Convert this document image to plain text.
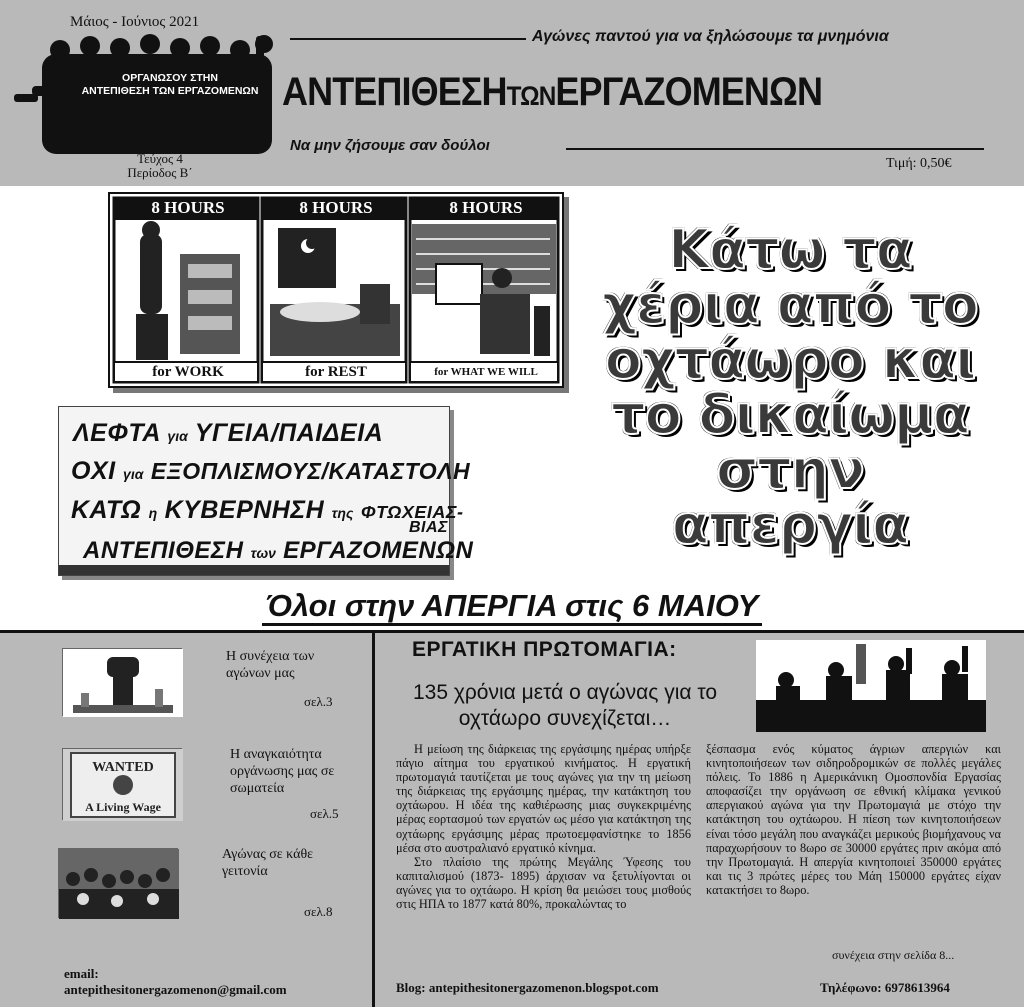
Μάιος - Ιούνιος 2021
ΟΡΓΑΝΩΣΟΥ ΣΤΗΝ
ΑΝΤΕΠΙΘΕΣΗ ΤΩΝ ΕΡΓΑΖΟΜΕΝΩΝ
Τεύχος 4
Περίοδος Β΄
Αγώνες παντού για να ξηλώσουμε τα μνημόνια
ΑΝΤΕΠΙΘΕΣΗΤΩΝΕΡΓΑΖΟΜΕΝΩΝ
Να μην ζήσουμε σαν δούλοι
Τιμή: 0,50€
8 HOURS	8 HOURS	8 HOURS
for WORK	for REST	for WHAT WE WILL
ΛΕΦΤΑ για ΥΓΕΙΑ/ΠΑΙΔΕΙΑ
ΟΧΙ για ΕΞΟΠΛΙΣΜΟΥΣ/ΚΑΤΑΣΤΟΛΗ
ΚΑΤΩ η ΚΥΒΕΡΝΗΣΗ της ΦΤΩΧΕΙΑΣ-
ΒΙΑΣ
ΑΝΤΕΠΙΘΕΣΗ των ΕΡΓΑΖΟΜΕΝΩΝ
Κάτω τα
χέρια από το
οχτάωρο και
το δικαίωμα
στην
απεργία
Όλοι στην ΑΠΕΡΓΙΑ στις 6 ΜΑΙΟΥ
Η συνέχεια των αγώνων μας
σελ.3
WANTED
A Living Wage
Η αναγκαιότητα οργάνωσης μας σε σωματεία
σελ.5
Αγώνας σε κάθε γειτονία
σελ.8
email:
antepithesitonergazomenon@gmail.com
ΕΡΓΑΤΙΚΗ ΠΡΩΤΟΜΑΓΙΑ:
135 χρόνια μετά ο αγώνας για το οχτάωρο συνεχίζεται…

Η μείωση της διάρκειας της εργάσιμης ημέρας υπήρξε πάγιο αίτημα του εργατικού κινήματος. Η εργατική πρωτομαγιά ταυτίζεται με τους αγώνες για την τη μείωση της διάρκειας της εργάσιμης ημέρας, την κατάκτηση του οχτάωρου. Η ιδέα της καθιέρωσης μιας συγκεκριμένης μέρας εορτασμού των εργατών ως μέσο για κατάκτηση της οχτάωρης εργάσιμης μέρας πρωτοεμφανίστηκε το 1856 μέσα στο αυστραλιανό εργατικό κίνημα.

Στο πλαίσιο της πρώτης Μεγάλης Ύφεσης του καπιταλισμού (1873- 1895) άρχισαν να ξετυλίγονται οι αγώνες για το οχτάωρο. Η κρίση θα μειώσει τους μισθούς στις ΗΠΑ το 1877 κατά 80%, προκαλώντας το

ξέσπασμα ενός κύματος άγριων απεργιών και κινητοποιήσεων των σιδηροδρομικών σε πολλές μεγάλες πόλεις. Το 1886 η Αμερικάνικη Ομοσπονδία Εργασίας αποφασίζει την οργάνωση σε εθνική κλίμακα γενικού απεργιακού αγώνα για την Πρωτομαγιά με στόχο την κατάκτηση του οχτάωρου. Η πίεση των κινητοποιήσεων είναι τόσο μεγάλη που αναγκάζει μερικούς βιομήχανους να παραχωρήσουν το 8ωρο σε 30000 εργάτες πριν ακόμα από την Πρωτομαγιά. Η απεργία κινητοποιεί 350000 εργάτες και τις 3 πρώτες μέρες του Μάη 150000 εργάτες είχαν κατακτήσει το 8ωρο.

συνέχεια στην σελίδα 8...
Blog: antepithesitonergazomenon.blogspot.com	Τηλέφωνο: 6978613964
